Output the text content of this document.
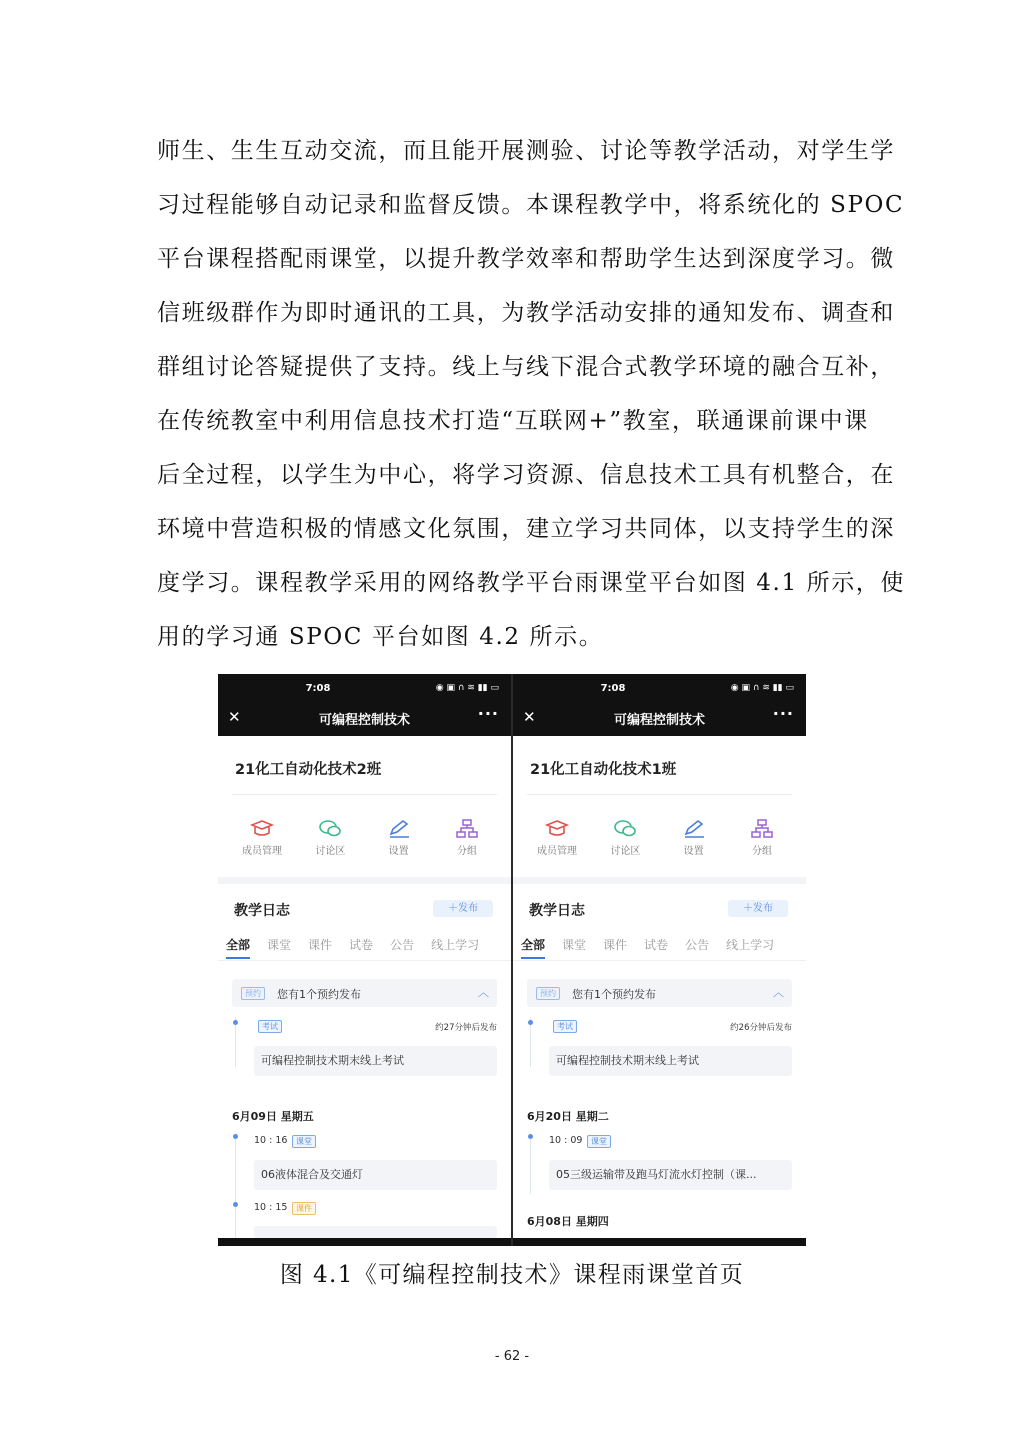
师生、生生互动交流，而且能开展测验、讨论等教学活动，对学生学
习过程能够自动记录和监督反馈。本课程教学中，将系统化的 SPOC
平台课程搭配雨课堂，以提升教学效率和帮助学生达到深度学习。微
信班级群作为即时通讯的工具，为教学活动安排的通知发布、调查和
群组讨论答疑提供了支持。线上与线下混合式教学环境的融合互补，
在传统教室中利用信息技术打造“互联网+”教室，联通课前课中课
后全过程，以学生为中心，将学习资源、信息技术工具有机整合，在
环境中营造积极的情感文化氛围，建立学习共同体，以支持学生的深
度学习。课程教学采用的网络教学平台雨课堂平台如图 4.1 所示，使
用的学习通 SPOC 平台如图 4.2 所示。
7:08	◉ ▣ ∩ ≋ ▮▮ ▭
✕	可编程控制技术	···
21化工自动化技术2班
成员管理	讨论区	设置	分组
教学日志	＋发布
全部 课堂 课件 试卷 公告 线上学习
预约	您有1个预约发布	︿
考试	约27分钟后发布
可编程控制技术期末线上考试
6月09日 星期五
10 : 16	课堂
06液体混合及交通灯
10 : 15	课件
7:08	◉ ▣ ∩ ≋ ▮▮ ▭
✕	可编程控制技术	···
21化工自动化技术1班
成员管理	讨论区	设置	分组
教学日志	＋发布
全部 课堂 课件 试卷 公告 线上学习
预约	您有1个预约发布	︿
考试	约26分钟后发布
可编程控制技术期末线上考试
6月20日 星期二
10 : 09	课堂
05三级运输带及跑马灯流水灯控制（课...
6月08日 星期四
图 4.1《可编程控制技术》课程雨课堂首页
- 62 -
